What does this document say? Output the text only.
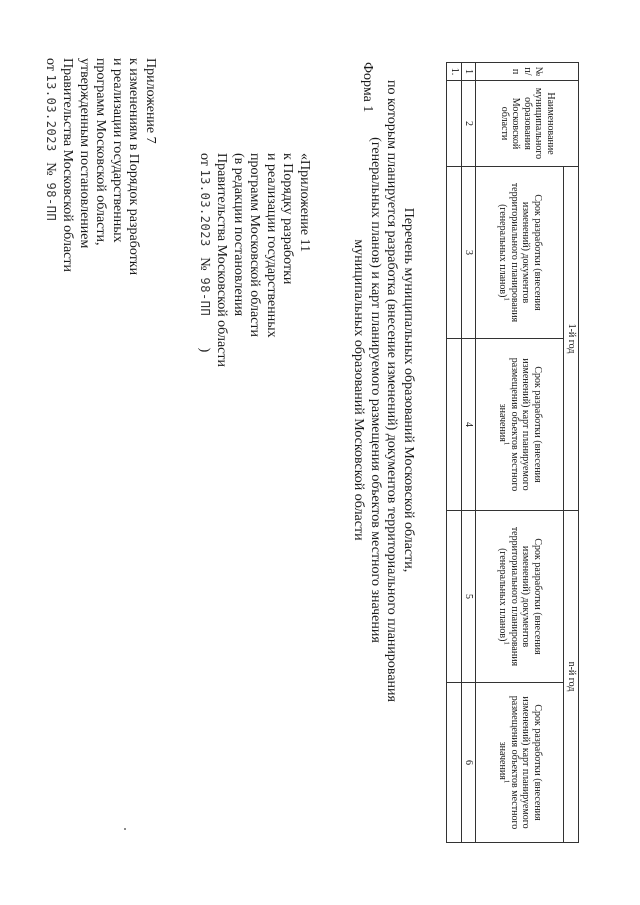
Приложение 7
к изменениям в Порядок разработки
и реализации государственных
программ Московской области,
утвержденным постановлением
Правительства Московской области
от 13.03.2023   №  98-ПП	«Приложение 11
к Порядку разработки
и реализации государственных
программ Московской области
(в редакции постановления
Правительства Московской области
от 13.03.2023   №  98-ПП         )
Форма 1
Перечень муниципальных образований Московской области,
по которым планируется разработка (внесение изменений) документов территориального планирования
(генеральных планов) и карт планируемого размещения объектов местного значения
муниципальных образований Московской области
№ п/п	Наименование муниципального образования Московской области	1-й год		n-й год	
		Срок разработки (внесения изменений) документов территориального планирования (генеральных планов)$^1$	Срок разработки (внесения изменений) карт планируемого размещения объектов местного значения$^1$	Срок разработки (внесения изменений) документов территориального планирования (генеральных планов)$^1$	Срок разработки (внесения изменений) карт планируемого размещения объектов местного значения$^1$
1	2	3	4	5	6
1.					
